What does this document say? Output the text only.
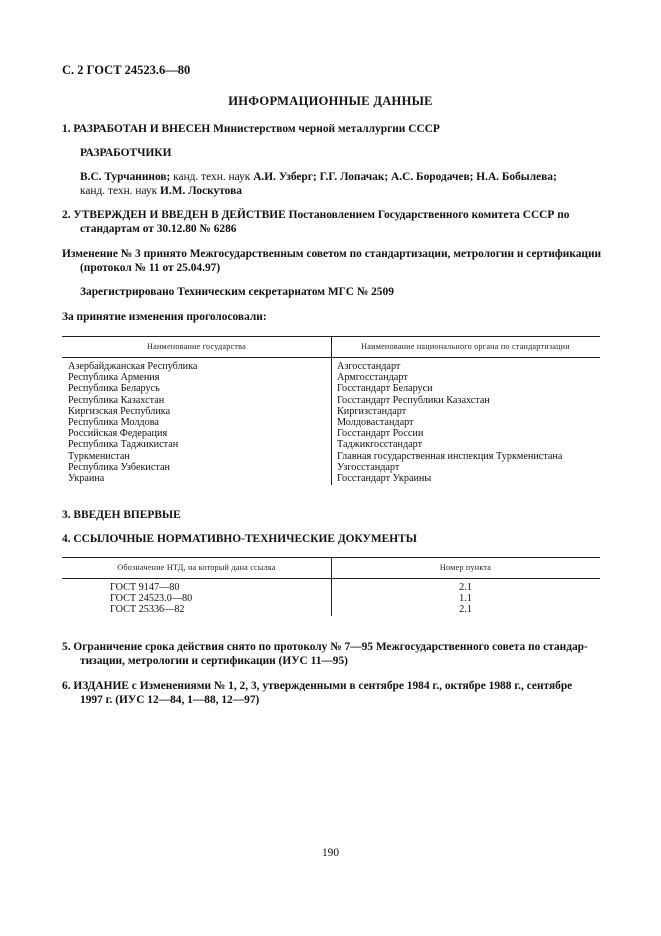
С. 2 ГОСТ 24523.6—80
ИНФОРМАЦИОННЫЕ ДАННЫЕ
1. РАЗРАБОТАН И ВНЕСЕН Министерством черной металлургии СССР
РАЗРАБОТЧИКИ
В.С. Турчанинов; канд. техн. наук А.И. Узберг; Г.Г. Лопачак; А.С. Бородачев; Н.А. Бобылева;
канд. техн. наук И.М. Лоскутова
2. УТВЕРЖДЕН И ВВЕДЕН В ДЕЙСТВИЕ Постановлением Государственного комитета СССР по
стандартам от 30.12.80 № 6286
Изменение № 3 принято Межгосударственным советом по стандартизации, метрологии и сертификации
(протокол № 11 от 25.04.97)
Зарегистрировано Техническим секретариатом МГС № 2509
За принятие изменения проголосовали:
Наименование государства	Наименование национального органа по стандартизации
Азербайджанская Республика
Республика Армения
Республика Беларусь
Республика Казахстан
Киргизская Республика
Республика Молдова
Российская Федерация
Республика Таджикистан
Туркменистан
Республика Узбекистан
Украина
Азгосстандарт
Армгосстандарт
Госстандарт Беларуси
Госстандарт Республики Казахстан
Киргизстандарт
Молдовастандарт
Госстандарт России
Таджикгосстандарт
Главная государственная инспекция Туркменистана
Узгосстандарт
Госстандарт Украины
3. ВВЕДЕН ВПЕРВЫЕ
4. ССЫЛОЧНЫЕ НОРМАТИВНО-ТЕХНИЧЕСКИЕ ДОКУМЕНТЫ
Обозначение НТД, на который дана ссылка	Номер пункта
ГОСТ 9147—80
ГОСТ 24523.0—80
ГОСТ 25336—82
2.1
1.1
2.1
5. Ограничение срока действия снято по протоколу № 7—95 Межгосударственного совета по стандар-
тизации, метрологии и сертификации (ИУС 11—95)
6. ИЗДАНИЕ с Изменениями № 1, 2, 3, утвержденными в сентябре 1984 г., октябре 1988 г., сентябре
1997 г. (ИУС 12—84, 1—88, 12—97)
190
